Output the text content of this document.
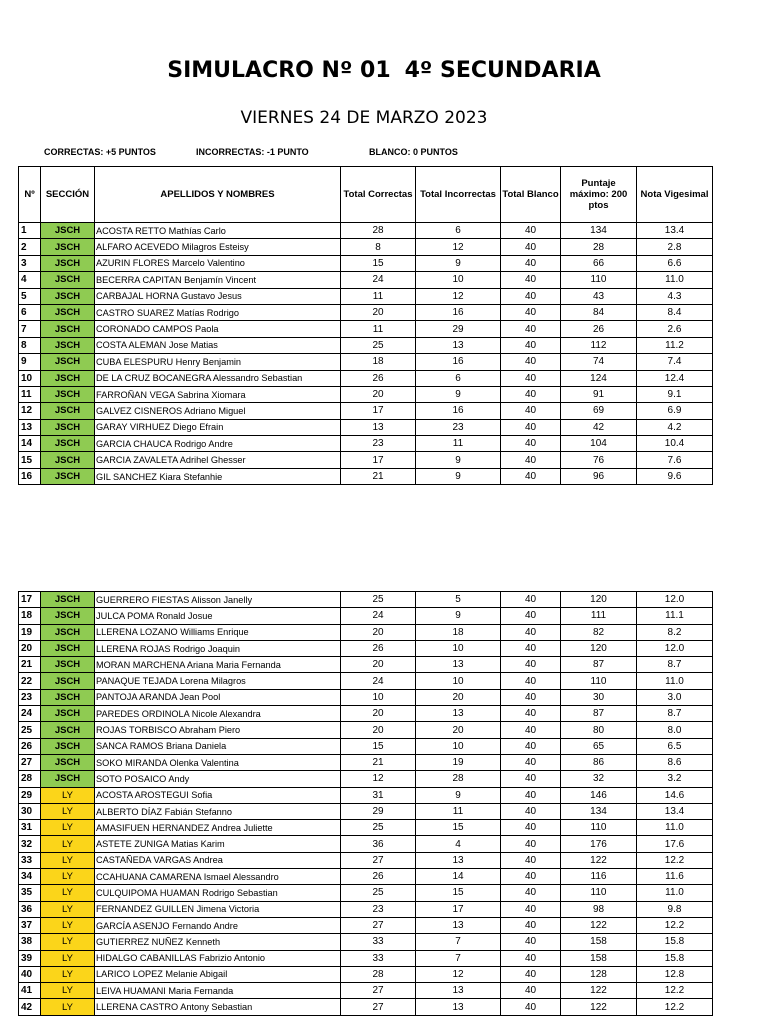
SIMULACRO Nº 01 4º SECUNDARIA
VIERNES 24 DE MARZO 2023
CORRECTAS: +5 PUNTOS	INCORRECTAS: -1 PUNTO	BLANCO: 0 PUNTOS
Nº	SECCIÓN	APELLIDOS Y NOMBRES	Total Correctas	Total Incorrectas	Total Blanco	Puntaje máximo: 200 ptos	Nota Vigesimal
1	JSCH	ACOSTA RETTO Mathías Carlo	28	6	40	134	13.4
2	JSCH	ALFARO ACEVEDO Milagros Esteisy	8	12	40	28	2.8
3	JSCH	AZURIN FLORES Marcelo Valentino	15	9	40	66	6.6
4	JSCH	BECERRA CAPITAN Benjamín Vincent	24	10	40	110	11.0
5	JSCH	CARBAJAL HORNA Gustavo Jesus	11	12	40	43	4.3
6	JSCH	CASTRO SUAREZ Matías Rodrigo	20	16	40	84	8.4
7	JSCH	CORONADO CAMPOS Paola	11	29	40	26	2.6
8	JSCH	COSTA ALEMAN Jose Matias	25	13	40	112	11.2
9	JSCH	CUBA ELESPURU Henry Benjamin	18	16	40	74	7.4
10	JSCH	DE LA CRUZ BOCANEGRA Alessandro Sebastian	26	6	40	124	12.4
11	JSCH	FARROÑAN VEGA Sabrina Xiomara	20	9	40	91	9.1
12	JSCH	GALVEZ CISNEROS Adriano Miguel	17	16	40	69	6.9
13	JSCH	GARAY VIRHUEZ Diego Efrain	13	23	40	42	4.2
14	JSCH	GARCIA CHAUCA Rodrigo Andre	23	11	40	104	10.4
15	JSCH	GARCIA ZAVALETA Adrihel Ghesser	17	9	40	76	7.6
16	JSCH	GIL SANCHEZ Kiara Stefanhie	21	9	40	96	9.6
17	JSCH	GUERRERO FIESTAS Alisson Janelly	25	5	40	120	12.0
18	JSCH	JULCA POMA Ronald Josue	24	9	40	111	11.1
19	JSCH	LLERENA LOZANO Williams Enrique	20	18	40	82	8.2
20	JSCH	LLERENA ROJAS Rodrigo Joaquin	26	10	40	120	12.0
21	JSCH	MORAN MARCHENA Ariana Maria Fernanda	20	13	40	87	8.7
22	JSCH	PANAQUE TEJADA Lorena Milagros	24	10	40	110	11.0
23	JSCH	PANTOJA ARANDA Jean Pool	10	20	40	30	3.0
24	JSCH	PAREDES ORDINOLA Nicole Alexandra	20	13	40	87	8.7
25	JSCH	ROJAS TORBISCO Abraham Piero	20	20	40	80	8.0
26	JSCH	SANCA RAMOS Briana Daniela	15	10	40	65	6.5
27	JSCH	SOKO MIRANDA Olenka Valentina	21	19	40	86	8.6
28	JSCH	SOTO POSAICO Andy	12	28	40	32	3.2
29	LY	ACOSTA AROSTEGUI Sofia	31	9	40	146	14.6
30	LY	ALBERTO DÍAZ Fabián Stefanno	29	11	40	134	13.4
31	LY	AMASIFUEN HERNANDEZ Andrea Juliette	25	15	40	110	11.0
32	LY	ASTETE ZUNIGA Matias Karim	36	4	40	176	17.6
33	LY	CASTAÑEDA VARGAS Andrea	27	13	40	122	12.2
34	LY	CCAHUANA CAMARENA Ismael Alessandro	26	14	40	116	11.6
35	LY	CULQUIPOMA HUAMAN Rodrigo Sebastian	25	15	40	110	11.0
36	LY	FERNANDEZ GUILLEN Jimena Victoria	23	17	40	98	9.8
37	LY	GARCÍA ASENJO Fernando Andre	27	13	40	122	12.2
38	LY	GUTIERREZ NUÑEZ Kenneth	33	7	40	158	15.8
39	LY	HIDALGO CABANILLAS Fabrizio Antonio	33	7	40	158	15.8
40	LY	LARICO LOPEZ Melanie Abigail	28	12	40	128	12.8
41	LY	LEIVA HUAMANI Maria Fernanda	27	13	40	122	12.2
42	LY	LLERENA CASTRO Antony Sebastian	27	13	40	122	12.2
